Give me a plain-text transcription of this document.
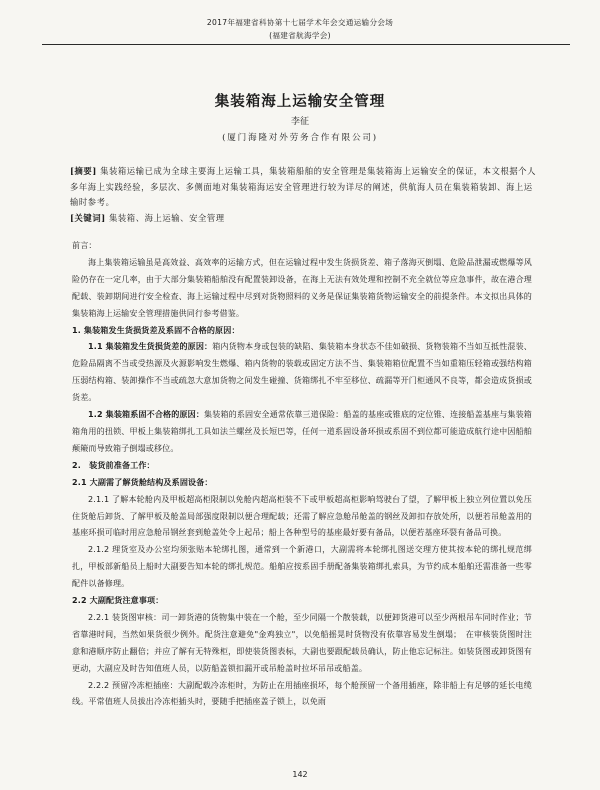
2017年福建省科协第十七届学术年会交通运输分会场
(福建省航海学会)
集装箱海上运输安全管理
李征
(厦门海隆对外劳务合作有限公司)
[摘要] 集装箱运输已成为全球主要海上运输工具，集装箱船舶的安全管理是集装箱海上运输安全的保证，本文根据个人多年海上实践经验，多层次、多侧面地对集装箱海运安全管理进行较为详尽的阐述，供航海人员在集装箱装卸、海上运输时参考。
[关键词] 集装箱、海上运输、安全管理

前言：

海上集装箱运输虽是高效益、高效率的运输方式，但在运输过程中发生货损货差、箱子落海灭倒塌、危险品泄漏或燃爆等风险仍存在一定几率，由于大部分集装箱船舶没有配置装卸设备，在海上无法有效处理和控制不充全就位等应急事件，故在港合理配载、装卸期间进行安全检查、海上运输过程中尽到对货物照料的义务是保证集装箱货物运输安全的前提条件。本文拟出具体的集装箱海上运输安全管理措施供同行参考借鉴。

1. 集装箱发生货损货差及系固不合格的原因：

1.1 集装箱发生货损货差的原因：箱内货物本身或包装的缺陷、集装箱本身状态不佳如破损、货物装箱不当如互抵性混装、危险品隔离不当或受热源及火源影响发生燃爆、箱内货物的装载或固定方法不当、集装箱箱位配置不当如重箱压轻箱或强结构箱压弱结构箱、装卸操作不当或疏忽大意加货物之间发生碰撞、货箱绑扎不牢至移位、疏漏等开门柜通风不良等，都会造成货损或货差。

1.2 集装箱系固不合格的原因：集装箱的系固安全通常依靠三道保险：船盖的基座或锥底的定位锥、连接船盖基座与集装箱箱角用的扭锁、甲板上集装箱绑扎工具如法兰螺丝及长短巴等，任何一道系固设备环损或系固不到位都可能造成航行途中因船舶颠簸而导致箱子倒塌或移位。

2.　装货前准备工作：

2.1 大副需了解货舱结构及系固设备：

2.1.1 了解本轮舱内及甲板超高柜限制以免舱内超高柜装不下或甲板超高柜影响驾驶台了望，了解甲板上独立列位置以免压住货舱后卸货、了解甲板及舱盖局部强度限制以便合理配载；还需了解应急舱吊舱盖的钢丝及卸扣存放处所，以便若吊舱盖用的基座环损可临时用应急舱吊钢丝套到舱盖处令上起吊；船上各种型号的基座最好要有备品，以便若基座环裂有备品可换。

2.1.2 理货室及办公室均须张贴本轮绑扎图，通常到一个新港口，大副需将本轮绑扎图送交理方使其按本轮的绑扎规范绑扎，甲板部新船员上船时大副要告知本轮的绑扎规范。船舶应按系固手册配备集装箱绑扎索具，为节约成本船舶还需准备一些零配件以备修理。

2.2 大副配货注意事项：

2.2.1 装货图审核：司一卸货港的货物集中装在一个舱，至少同隔一个散装载，以便卸货港可以至少两根吊车同时作业；节省靠港时间，当然如果货很少例外。配货注意避免"金鸡独立"，以免船摇晃时货物没有依靠容易发生倒塌；　在审核装货图时注意和港顺序防止翻倍；并应了解有无特殊柜，即使装货图表标，大副也要跟配载员确认，防止他忘记标注。如装货图或卸货图有更动，大副应及时告知值班人员，以防船盖锁扣漏开或吊舱盖时拉坏吊吊或船盖。

2.2.2 预留冷冻柜插座：大副配载冷冻柜时，为防止在用插座损坏，每个舱预留一个备用插座，除非船上有足够的延长电缆线。平常值班人员拔出冷冻柜插头时，要随手把插座盖子锁上，以免雨

142
